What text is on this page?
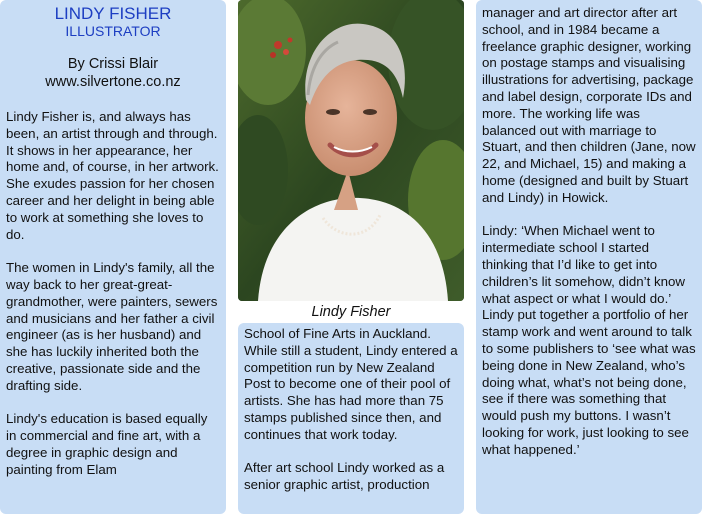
LINDY FISHER
ILLUSTRATOR
By Crissi Blair
www.silvertone.co.nz

Lindy Fisher is, and always has been, an artist through and through. It shows in her appearance, her home and, of course, in her artwork. She exudes passion for her chosen career and her delight in being able to work at something she loves to do.

The women in Lindy's family, all the way back to her great-great-grandmother, were painters, sewers and musicians and her father a civil engineer (as is her husband) and she has luckily inherited both the creative, passionate side and the drafting side.

Lindy's education is based equally in commercial and fine art, with a degree in graphic design and painting from Elam

Lindy Fisher

School of Fine Arts in Auckland. While still a student, Lindy entered a competition run by New Zealand Post to become one of their pool of artists. She has had more than 75 stamps published since then, and continues that work today.

After art school Lindy worked as a senior graphic artist, production

manager and art director after art school, and in 1984 became a freelance graphic designer, working on postage stamps and visualising illustrations for advertising, package and label design, corporate IDs and more. The working life was balanced out with marriage to Stuart, and then children (Jane, now 22, and Michael, 15) and making a home (designed and built by Stuart and Lindy) in Howick.

Lindy: ‘When Michael went to intermediate school I started thinking that I’d like to get into children’s lit somehow, didn’t know what aspect or what I would do.’ Lindy put together a portfolio of her stamp work and went around to talk to some publishers to ‘see what was being done in New Zealand, who’s doing what, what’s not being done, see if there was something that would push my buttons. I wasn’t looking for work, just looking to see what happened.’
